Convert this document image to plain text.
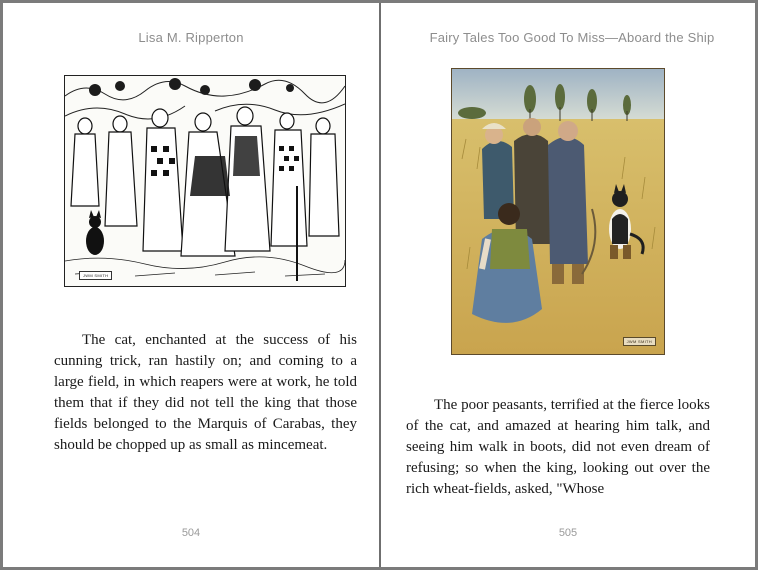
Lisa M. Ripperton
JWM SMITH

The cat, enchanted at the success of his cunning trick, ran hastily on; and coming to a large field, in which reapers were at work, he told them that if they did not tell the king that those fields belonged to the Marquis of Carabas, they should be chopped up as small as mincemeat.

504
Fairy Tales Too Good To Miss—Aboard the Ship
JWM SMITH

The poor peasants, terrified at the fierce looks of the cat, and amazed at hearing him talk, and seeing him walk in boots, did not even dream of refusing; so when the king, looking out over the rich wheat-fields, asked, "Whose

505
